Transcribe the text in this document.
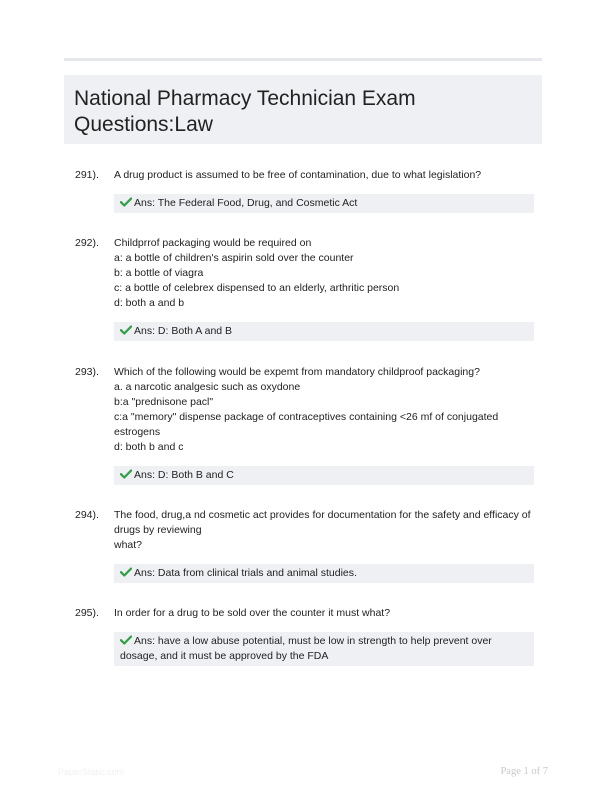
National Pharmacy Technician Exam
Questions:Law
291). A drug product is assumed to be free of contamination, due to what legislation?
Ans: The Federal Food, Drug, and Cosmetic Act
292). Childprrof packaging would be required on
a: a bottle of children's aspirin sold over the counter
b: a bottle of viagra
c: a bottle of celebrex dispensed to an elderly, arthritic person
d: both a and b
Ans: D: Both A and B
293). Which of the following would be expemt from mandatory childproof packaging?
a. a narcotic analgesic such as oxydone
b:a "prednisone pacl"
c:a "memory" dispense package of contraceptives containing <26 mf of conjugated estrogens
d: both b and c
Ans: D: Both B and C
294). The food, drug,a nd cosmetic act provides for documentation for the safety and efficacy of drugs by reviewing
what?
Ans: Data from clinical trials and animal studies.
295). In order for a drug to be sold over the counter it must what?
Ans: have a low abuse potential, must be low in strength to help prevent over dosage, and it must be approved by the FDA
PaperStatic.com	Page 1 of 7
